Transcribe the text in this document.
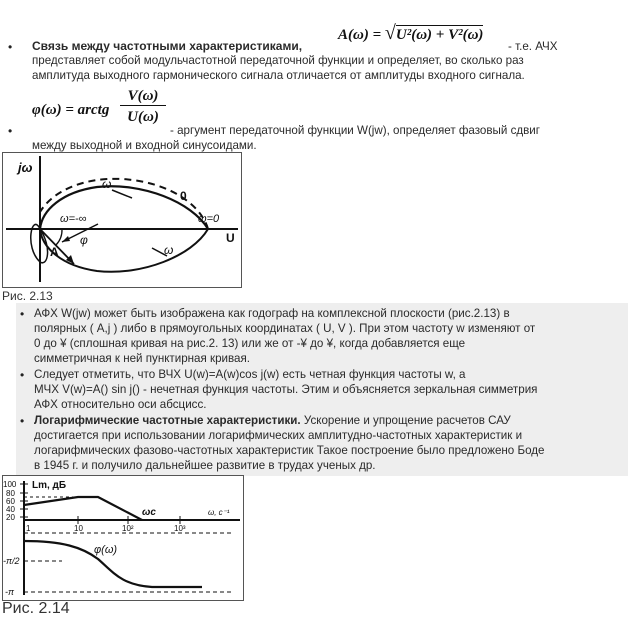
• Связь между частотными характеристиками,
A(ω) = √U²(ω) + V²(ω)
- т.е. АЧХ
представляет собой модульчастотной передаточной функции и определяет, во сколько раз
амплитуда выходного гармонического сигнала отличается от амплитуды входного сигнала.
φ(ω) = arctg
V(ω)
U(ω)
•	- аргумент передаточной функции W(jw), определяет фазовый сдвиг
между выходной и входной синусоидами.
jω
U
ω
0
ω=0
ω=-∞
φ
A	ω
Рис. 2.13
• АФХ W(jw) может быть изображена как годограф на комплексной плоскости (рис.2.13) в
полярных ( A,j ) либо в прямоугольных координатах ( U, V ). При этом частоту w изменяют от
0 до ¥ (сплошная кривая на рис.2. 13) или же от -¥ до ¥, когда добавляется еще
симметричная к ней пунктирная кривая.
• Следует отметить, что ВЧХ U(w)=A(w)cos j(w) есть четная функция частоты w, а
МЧХ V(w)=A() sin j() - нечетная функция частоты. Этим и объясняется зеркальная симметрия
АФХ относительно оси абсцисс.
• Логарифмические частотные характеристики. Ускорение и упрощение расчетов САУ
достигается при использовании логарифмических амплитудно-частотных характеристик и
логарифмических фазово-частотных характеристик Такое построение было предложено Боде
в 1945 г. и получило дальнейшее развитие в трудах ученых др.
Lm, дБ
100
80
60
40
20
1	10	10²	10³
ωc	ω, c⁻¹
φ(ω)
-π/2
-π
Рис. 2.14
